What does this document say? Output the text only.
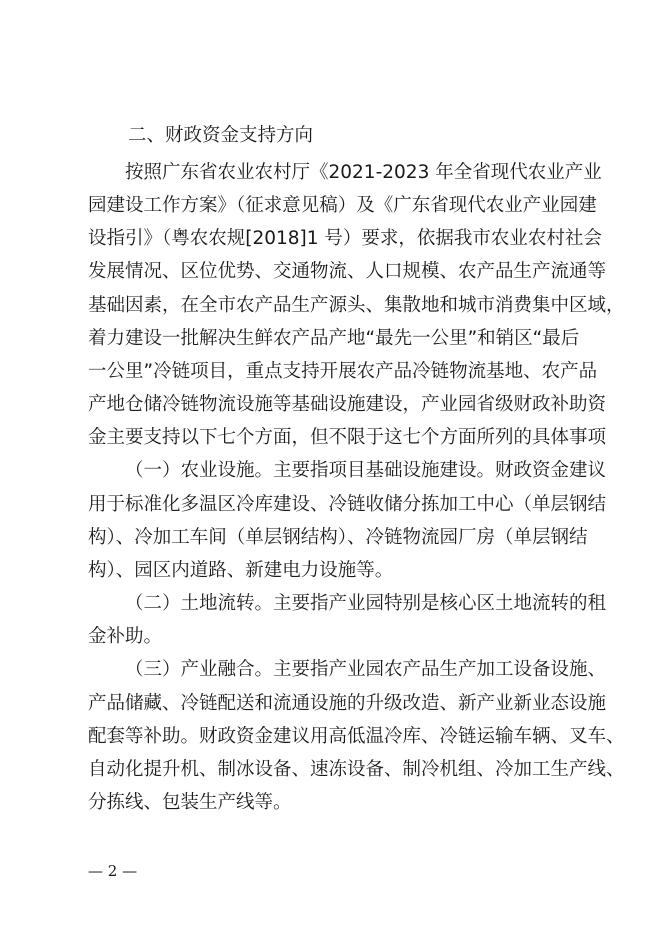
二、财政资金支持方向
按照广东省农业农村厅《2021-2023 年全省现代农业产业
园建设工作方案》（征求意见稿）及《广东省现代农业产业园建
设指引》（粤农农规[2018]1 号）要求，依据我市农业农村社会
发展情况、区位优势、交通物流、人口规模、农产品生产流通等
基础因素，在全市农产品生产源头、集散地和城市消费集中区域，
着力建设一批解决生鲜农产品产地“最先一公里”和销区“最后
一公里”冷链项目，重点支持开展农产品冷链物流基地、农产品
产地仓储冷链物流设施等基础设施建设，产业园省级财政补助资
金主要支持以下七个方面，但不限于这七个方面所列的具体事项
（一）农业设施。主要指项目基础设施建设。财政资金建议
用于标准化多温区冷库建设、冷链收储分拣加工中心（单层钢结
构）、冷加工车间（单层钢结构）、冷链物流园厂房（单层钢结
构）、园区内道路、新建电力设施等。
（二）土地流转。主要指产业园特别是核心区土地流转的租
金补助。
（三）产业融合。主要指产业园农产品生产加工设备设施、
产品储藏、冷链配送和流通设施的升级改造、新产业新业态设施
配套等补助。财政资金建议用高低温冷库、冷链运输车辆、叉车、
自动化提升机、制冰设备、速冻设备、制冷机组、冷加工生产线、
分拣线、包装生产线等。
— 2 —
